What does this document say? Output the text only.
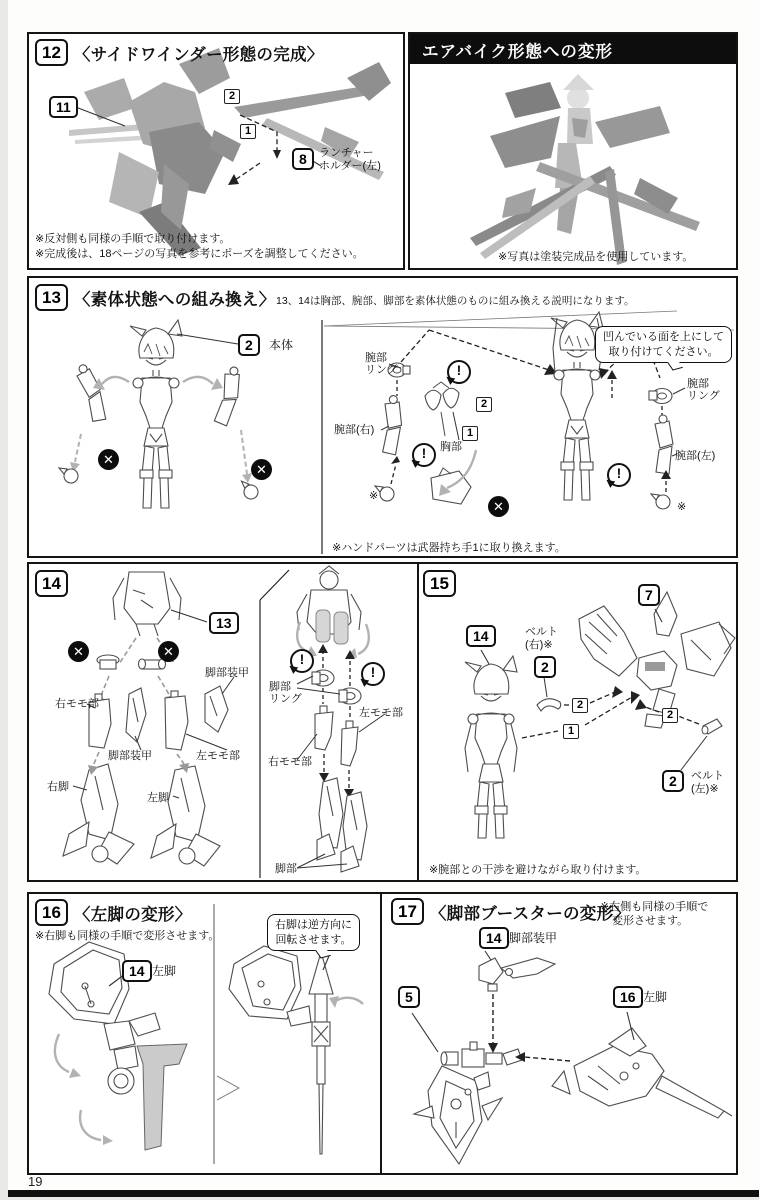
12 〈サイドワインダー形態の完成〉
11
2
1
8	ランチャー
ホルダー(左)
※反対側も同様の手順で取り付けます。
※完成後は、18ページの写真を参考にポーズを調整してください。
エアバイク形態への変形
※写真は塗装完成品を使用しています。
13 〈素体状態への組み換え〉 13、14は胸部、腕部、脚部を素体状態のものに組み換える説明になります。
2	本体
✕
✕
腕部
リング	!
腕部(右)
!	胸部
2
1
※
✕
凹んでいる面を上にして
取り付けてください。
腕部
リング
腕部(左)
!
※
※ハンドパーツは武器持ち手1に取り換えます。
14
13
✕	✕
右モモ部
脚部装甲
脚部装甲	左モモ部
右脚
左脚
!
!
脚部
リング
左モモ部
右モモ部
脚部
15
7
14	ベルト
(右)※
2
2
2
1
2	ベルト
(左)※
※腕部との干渉を避けながら取り付けます。
16 〈左脚の変形〉
※右脚も同様の手順で変形させます。
14 左脚
右脚は逆方向に
回転させます。
17 〈脚部ブースターの変形〉
※右側も同様の手順で
変形させます。
14 脚部装甲
5	16 左脚
19
